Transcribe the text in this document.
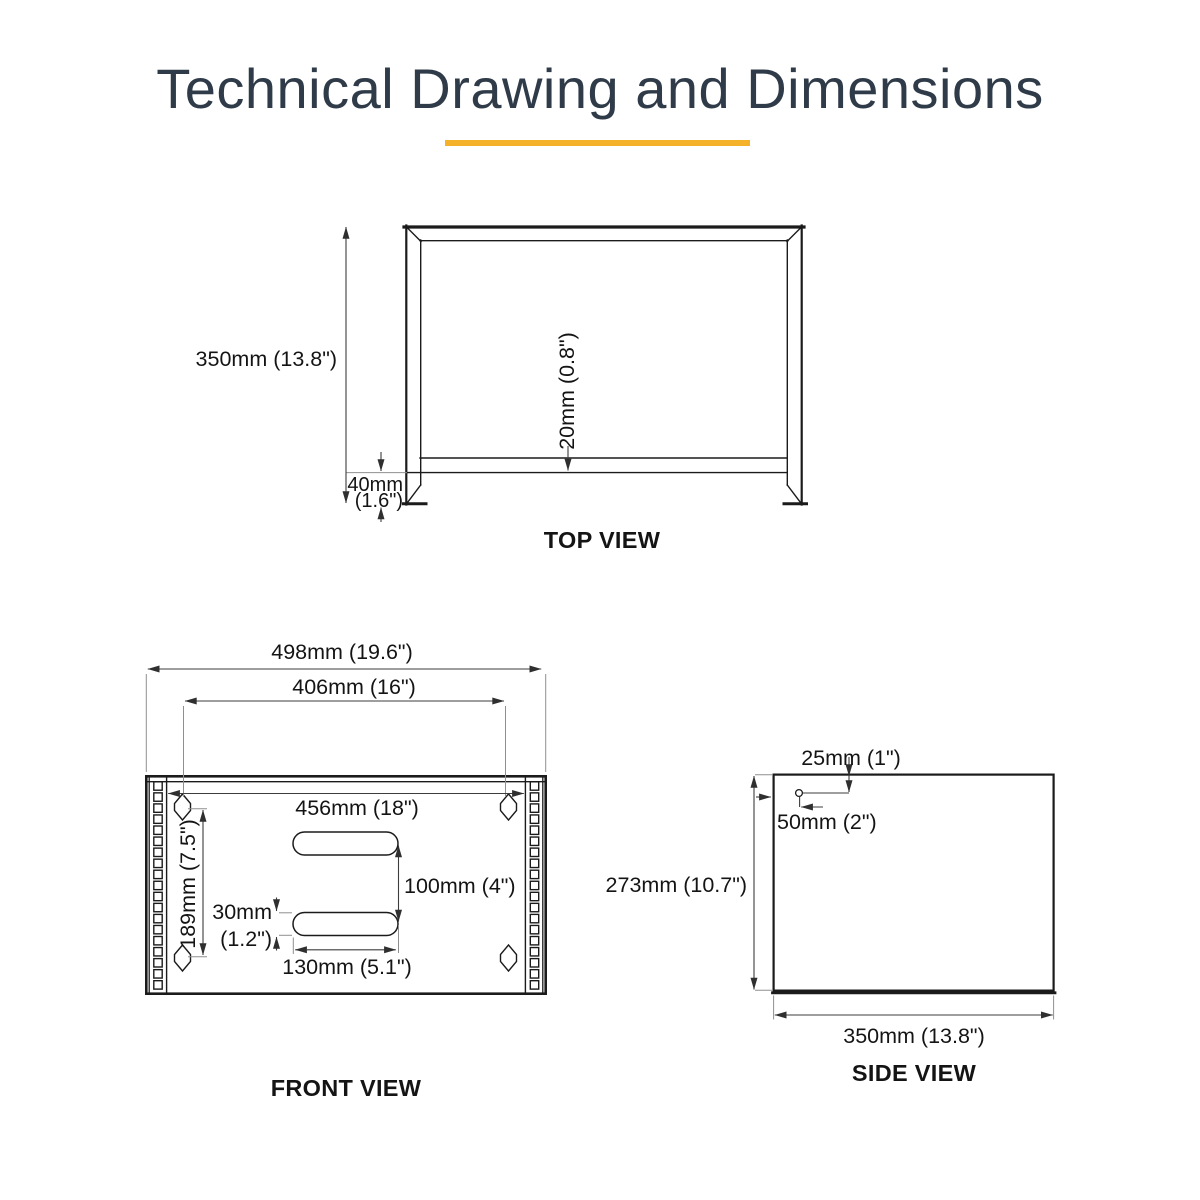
Technical Drawing and Dimensions
350mm (13.8")	20mm (0.8")
40mm
(1.6")
TOP VIEW
498mm (19.6")
406mm (16")
456mm (18")
189mm (7.5")	100mm (4")
30mm
(1.2")
130mm (5.1")
FRONT VIEW
25mm (1")
50mm (2")
273mm (10.7")
350mm (13.8")
SIDE VIEW
